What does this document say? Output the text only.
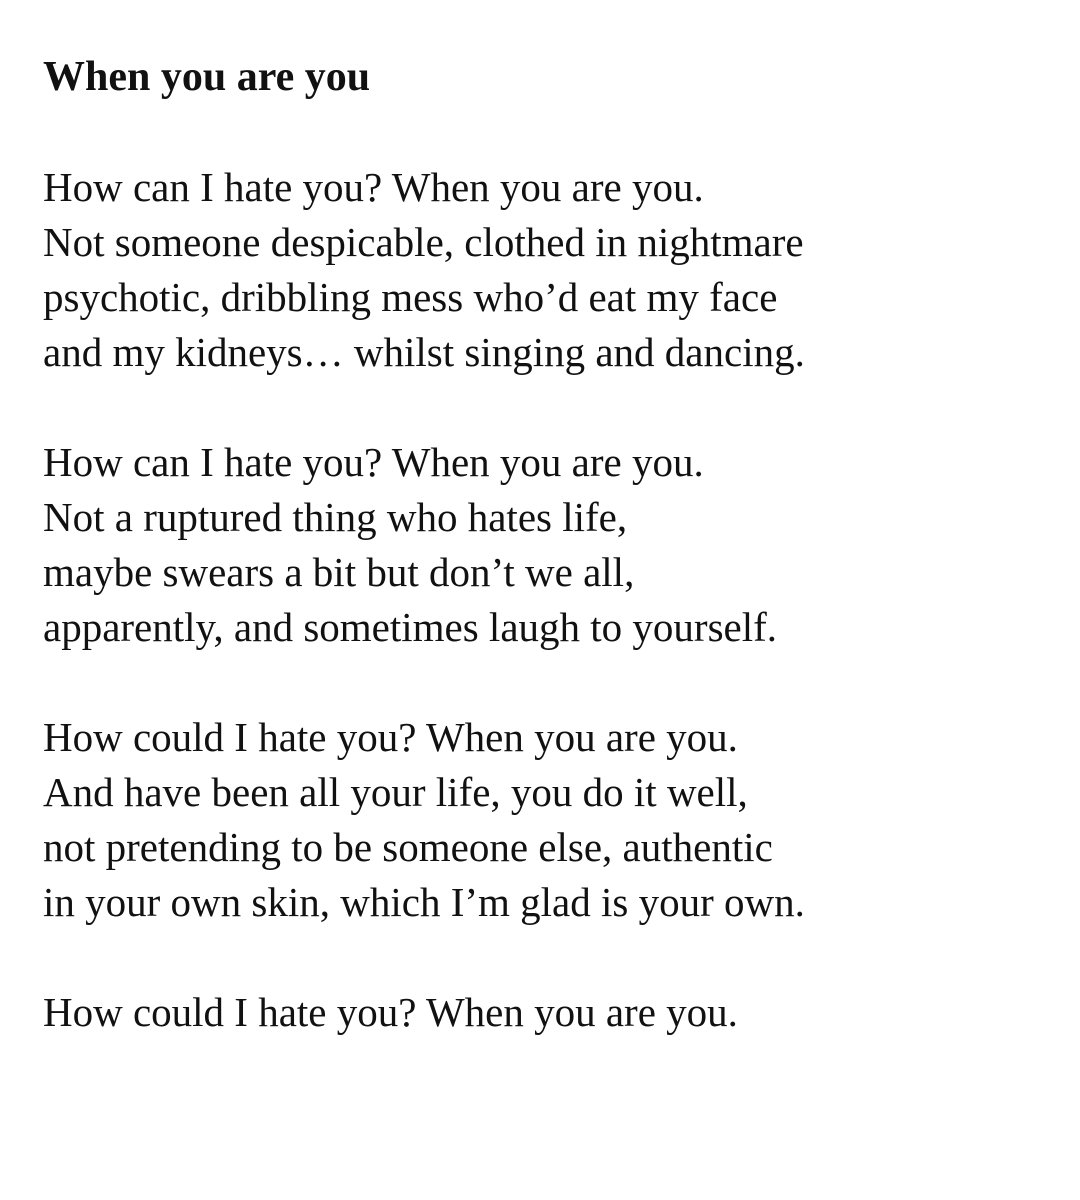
When you are you
How can I hate you? When you are you.
Not someone despicable, clothed in nightmare
psychotic, dribbling mess who’d eat my face
and my kidneys… whilst singing and dancing.
How can I hate you? When you are you.
Not a ruptured thing who hates life,
maybe swears a bit but don’t we all,
apparently, and sometimes laugh to yourself.
How could I hate you? When you are you.
And have been all your life, you do it well,
not pretending to be someone else, authentic
in your own skin, which I’m glad is your own.
How could I hate you? When you are you.
